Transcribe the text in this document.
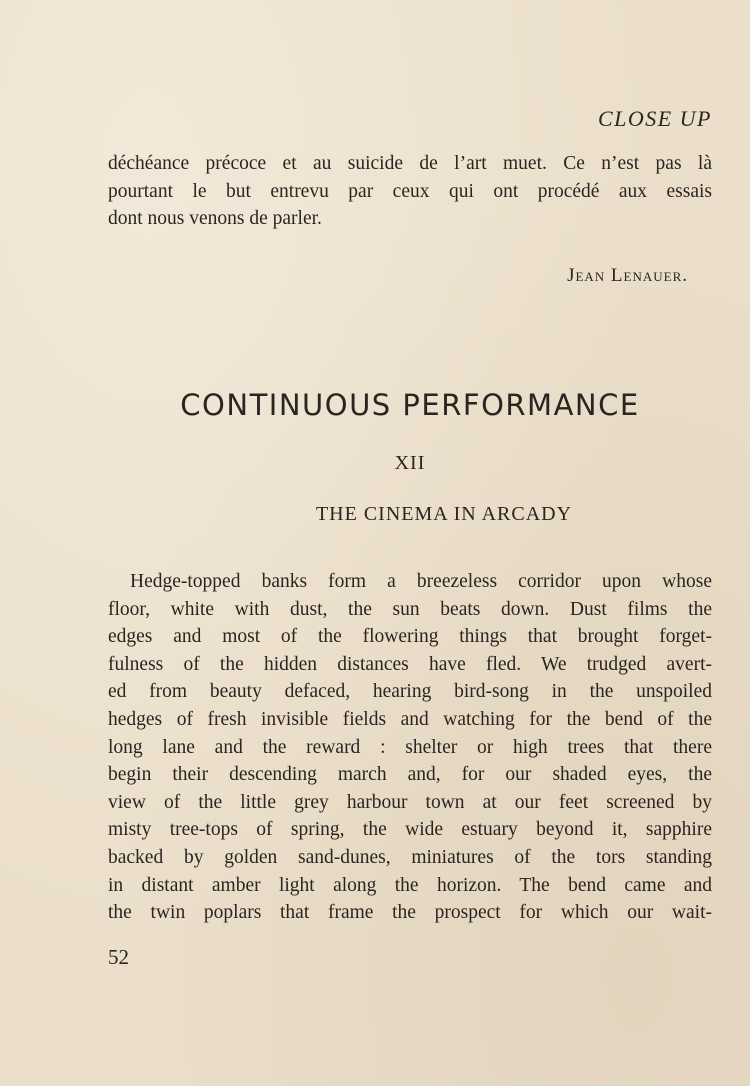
CLOSE UP
déchéance précoce et au suicide de l’art muet. Ce n’est pas là
pourtant le but entrevu par ceux qui ont procédé aux essais
dont nous venons de parler.
Jean Lenauer.
CONTINUOUS PERFORMANCE
XII
THE CINEMA IN ARCADY
Hedge-topped banks form a breezeless corridor upon whose
floor, white with dust, the sun beats down. Dust films the
edges and most of the flowering things that brought forget-
fulness of the hidden distances have fled. We trudged avert-
ed from beauty defaced, hearing bird-song in the unspoiled
hedges of fresh invisible fields and watching for the bend of the
long lane and the reward : shelter or high trees that there
begin their descending march and, for our shaded eyes, the
view of the little grey harbour town at our feet screened by
misty tree-tops of spring, the wide estuary beyond it, sapphire
backed by golden sand-dunes, miniatures of the tors standing
in distant amber light along the horizon. The bend came and
the twin poplars that frame the prospect for which our wait-
52
